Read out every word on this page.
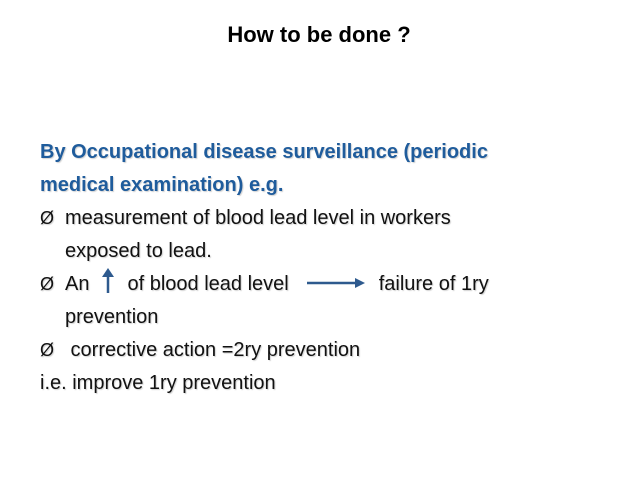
How to be done ?
By Occupational disease surveillance (periodic
medical examination) e.g.
Ø measurement of blood lead level in workers
exposed to lead.
Ø An of blood lead level	failure of 1ry
prevention
Ø corrective action =2ry prevention
i.e. improve 1ry prevention
